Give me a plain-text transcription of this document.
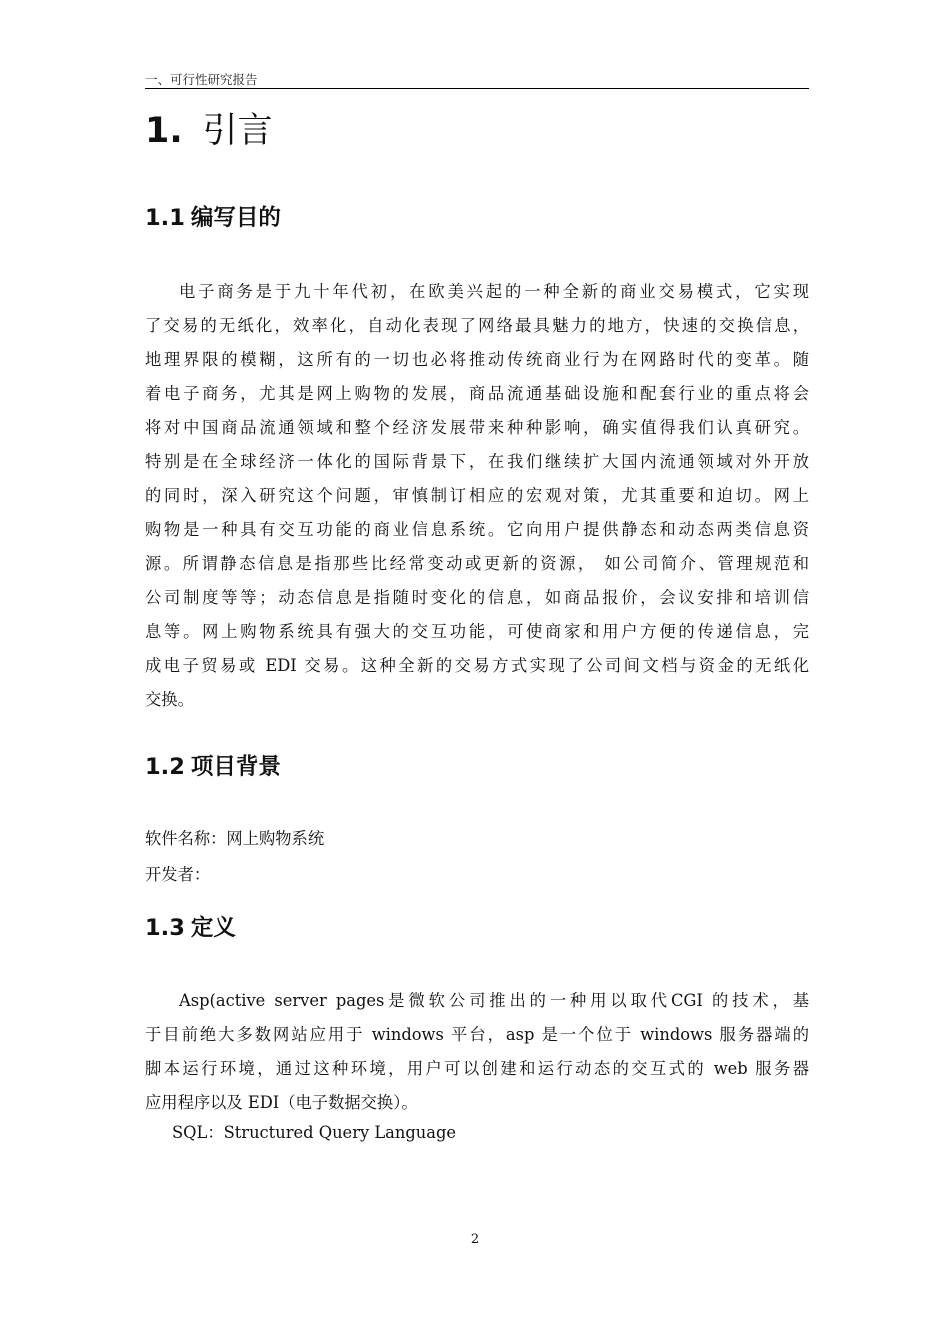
一、可行性研究报告
1. 引言
1.1 编写目的
电子商务是于九十年代初，在欧美兴起的一种全新的商业交易模式，它实现
了交易的无纸化，效率化，自动化表现了网络最具魅力的地方，快速的交换信息，
地理界限的模糊，这所有的一切也必将推动传统商业行为在网路时代的变革。随
着电子商务，尤其是网上购物的发展，商品流通基础设施和配套行业的重点将会
将对中国商品流通领域和整个经济发展带来种种影响，确实值得我们认真研究。
特别是在全球经济一体化的国际背景下，在我们继续扩大国内流通领域对外开放
的同时，深入研究这个问题，审慎制订相应的宏观对策，尤其重要和迫切。网上
购物是一种具有交互功能的商业信息系统。它向用户提供静态和动态两类信息资
源。所谓静态信息是指那些比经常变动或更新的资源， 如公司简介、管理规范和
公司制度等等；动态信息是指随时变化的信息，如商品报价，会议安排和培训信
息等。网上购物系统具有强大的交互功能，可使商家和用户方便的传递信息，完
成电子贸易或 EDI 交易。这种全新的交易方式实现了公司间文档与资金的无纸化
交换。
1.2 项目背景
软件名称：网上购物系统
开发者：
1.3 定义
Asp(active server pages是微软公司推出的一种用以取代CGI 的技术，基
于目前绝大多数网站应用于 windows 平台，asp 是一个位于 windows 服务器端的
脚本运行环境，通过这种环境，用户可以创建和运行动态的交互式的 web 服务器
应用程序以及 EDI（电子数据交换）。
SQL：Structured Query Language
2
